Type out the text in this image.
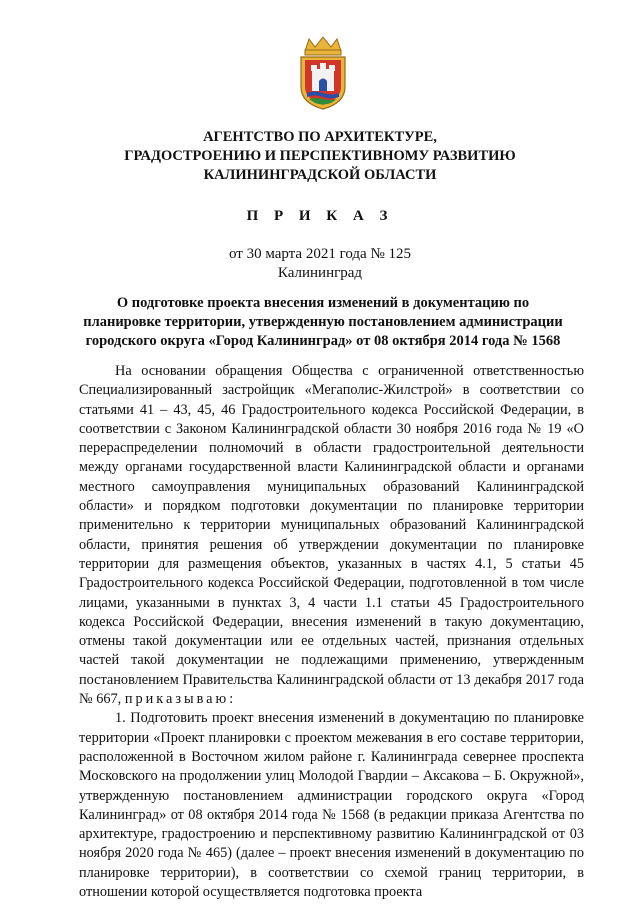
АГЕНТСТВО ПО АРХИТЕКТУРЕ,
ГРАДОСТРОЕНИЮ И ПЕРСПЕКТИВНОМУ РАЗВИТИЮ
КАЛИНИНГРАДСКОЙ ОБЛАСТИ
П Р И К А З
от 30 марта 2021 года № 125
Калининград
О подготовке проекта внесения изменений в документацию по
планировке территории, утвержденную постановлением администрации
городского округа «Город Калининград» от 08 октября 2014 года № 1568

На основании обращения Общества с ограниченной ответственностью Специализированный застройщик «Мегаполис-Жилстрой» в соответствии со статьями 41 – 43, 45, 46 Градостроительного кодекса Российской Федерации, в соответствии с Законом Калининградской области 30 ноября 2016 года № 19 «О перераспределении полномочий в области градостроительной деятельности между органами государственной власти Калининградской области и органами местного самоуправления муниципальных образований Калининградской области» и порядком подготовки документации по планировке территории применительно к территории муниципальных образований Калининградской области, принятия решения об утверждении документации по планировке территории для размещения объектов, указанных в частях 4.1, 5 статьи 45 Градостроительного кодекса Российской Федерации, подготовленной в том числе лицами, указанными в пунктах 3, 4 части 1.1 статьи 45 Градостроительного кодекса Российской Федерации, внесения изменений в такую документацию, отмены такой документации или ее отдельных частей, признания отдельных частей такой документации не подлежащими применению, утвержденным постановлением Правительства Калининградской области от 13 декабря 2017 года № 667, приказываю:

1. Подготовить проект внесения изменений в документацию по планировке территории «Проект планировки с проектом межевания в его составе территории, расположенной в Восточном жилом районе г. Калининграда севернее проспекта Московского на продолжении улиц Молодой Гвардии – Аксакова – Б. Окружной», утвержденную постановлением администрации городского округа «Город Калининград» от 08 октября 2014 года № 1568 (в редакции приказа Агентства по архитектуре, градостроению и перспективному развитию Калининградской от 03 ноября 2020 года № 465) (далее – проект внесения изменений в документацию по планировке территории), в соответствии со схемой границ территории, в отношении которой осуществляется подготовка проекта
